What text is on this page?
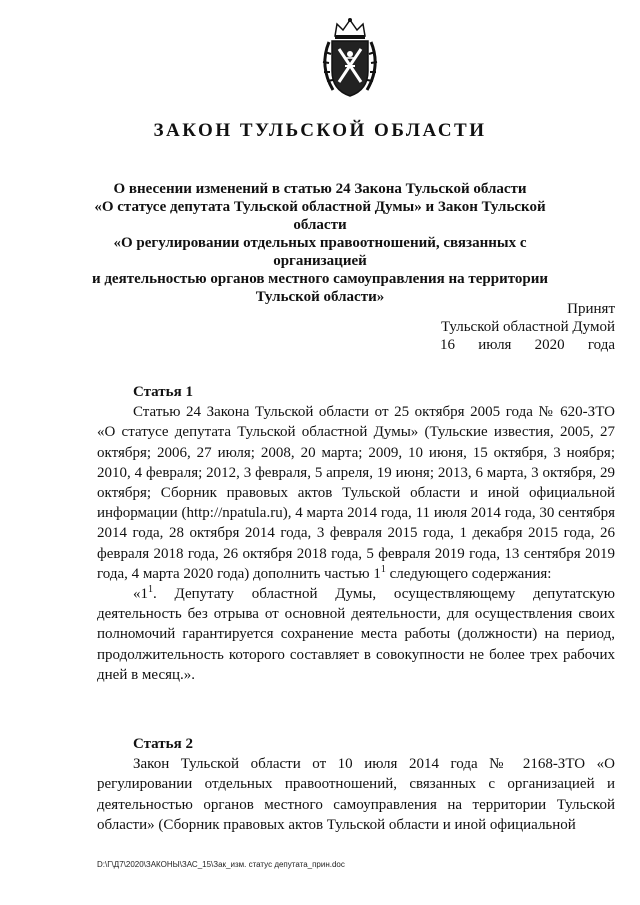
ЗАКОН ТУЛЬСКОЙ ОБЛАСТИ
О внесении изменений в статью 24 Закона Тульской области
«О статусе депутата Тульской областной Думы» и Закон Тульской области
«О регулировании отдельных правоотношений, связанных с организацией
и деятельностью органов местного самоуправления на территории
Тульской области»
Принят
Тульской областной Думой
16 июля 2020 года

Статья 1

Статью 24 Закона Тульской области от 25 октября 2005 года № 620-ЗТО «О статусе депутата Тульской областной Думы» (Тульские известия, 2005, 27 октября; 2006, 27 июля; 2008, 20 марта; 2009, 10 июня, 15 октября, 3 ноября; 2010, 4 февраля; 2012, 3 февраля, 5 апреля, 19 июня; 2013, 6 марта, 3 октября, 29 октября; Сборник правовых актов Тульской области и иной официальной информации (http://npatula.ru), 4 марта 2014 года, 11 июля 2014 года, 30 сентября 2014 года, 28 октября 2014 года, 3 февраля 2015 года, 1 декабря 2015 года, 26 февраля 2018 года, 26 октября 2018 года, 5 февраля 2019 года, 13 сентября 2019 года, 4 марта 2020 года) дополнить частью $1^1$ следующего содержания:

«$1^1$. Депутату областной Думы, осуществляющему депутатскую деятельность без отрыва от основной деятельности, для осуществления своих полномочий гарантируется сохранение места работы (должности) на период, продолжительность которого составляет в совокупности не более трех рабочих дней в месяц.».

Статья 2

Закон Тульской области от 10 июля 2014 года № 2168-ЗТО «О регулировании отдельных правоотношений, связанных с организацией и деятельностью органов местного самоуправления на территории Тульской области» (Сборник правовых актов Тульской области и иной официальной

D:\Г\Д7\2020\ЗАКОНЫ\ЗАС_15\Зак_изм. статус депутата_прин.doc
